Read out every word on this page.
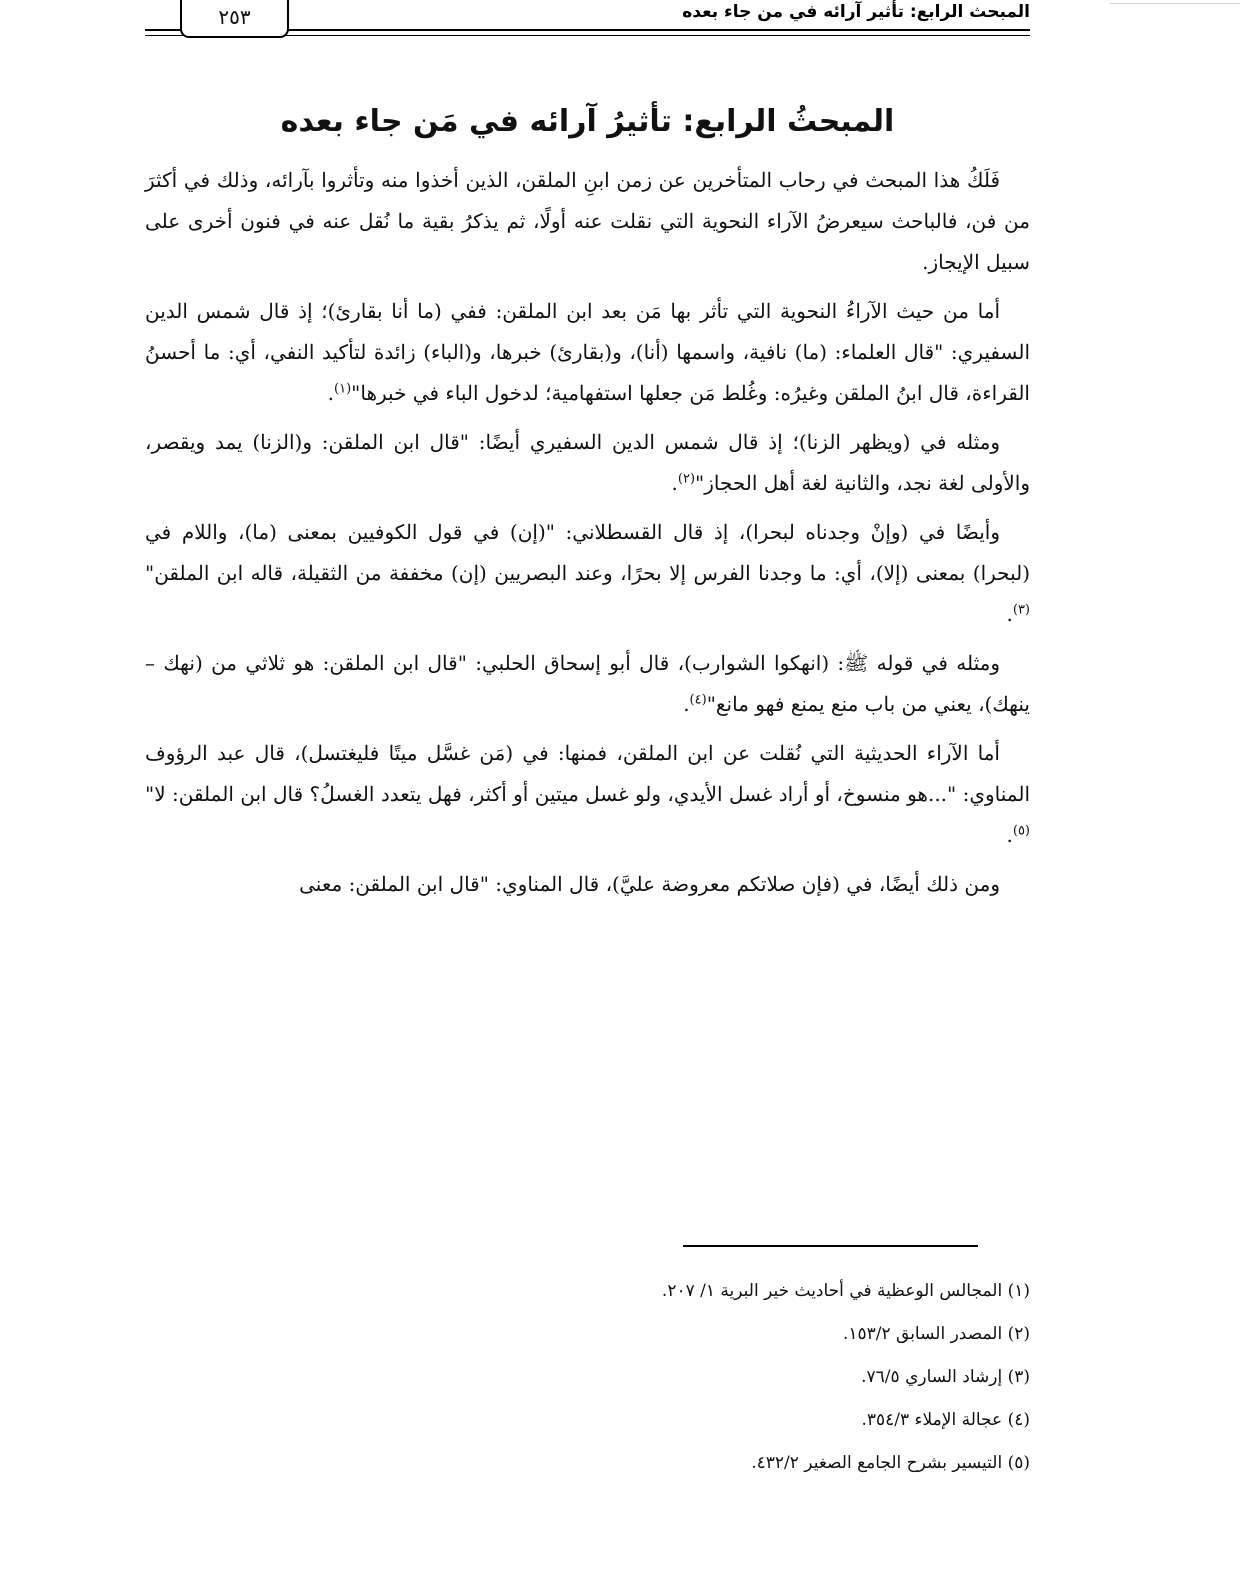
٢٥٣	المبحث الرابع: تأثير آرائه في من جاء بعده
المبحثُ الرابع: تأثيرُ آرائه في مَن جاء بعده

فَلَكُ هذا المبحث في رحاب المتأخرين عن زمن ابنِ الملقن، الذين أخذوا منه وتأثروا بآرائه، وذلك في أكثرَ من فن، فالباحث سيعرضُ الآراء النحوية التي نقلت عنه أولًا، ثم يذكرُ بقية ما نُقل عنه في فنون أخرى على سبيل الإيجاز.

أما من حيث الآراءُ النحوية التي تأثر بها مَن بعد ابن الملقن: ففي (ما أنا بقارئ)؛ إذ قال شمس الدين السفيري: "قال العلماء: (ما) نافية، واسمها (أنا)، و(بقارئ) خبرها، و(الباء) زائدة لتأكيد النفي، أي: ما أحسنُ القراءة، قال ابنُ الملقن وغيرُه: وغُلط مَن جعلها استفهامية؛ لدخول الباء في خبرها"$^{(١)}$.

ومثله في (ويظهر الزنا)؛ إذ قال شمس الدين السفيري أيضًا: "قال ابن الملقن: و(الزنا) يمد ويقصر، والأولى لغة نجد، والثانية لغة أهل الحجاز"$^{(٢)}$.

وأيضًا في (وإنْ وجدناه لبحرا)، إذ قال القسطلاني: "(إن) في قول الكوفيين بمعنى (ما)، واللام في (لبحرا) بمعنى (إلا)، أي: ما وجدنا الفرس إلا بحرًا، وعند البصريين (إن) مخففة من الثقيلة، قاله ابن الملقن"$^{(٣)}$.

ومثله في قوله ﷺ: (انهكوا الشوارب)، قال أبو إسحاق الحلبي: "قال ابن الملقن: هو ثلاثي من (نهك – ينهك)، يعني من باب منع يمنع فهو مانع"$^{(٤)}$.

أما الآراء الحديثية التي نُقلت عن ابن الملقن، فمنها: في (مَن غسَّل ميتًا فليغتسل)، قال عبد الرؤوف المناوي: "...هو منسوخ، أو أراد غسل الأيدي، ولو غسل ميتين أو أكثر، فهل يتعدد الغسلُ؟ قال ابن الملقن: لا"$^{(٥)}$.

ومن ذلك أيضًا، في (فإن صلاتكم معروضة عليَّ)، قال المناوي: "قال ابن الملقن: معنى

(١) المجالس الوعظية في أحاديث خير البرية ١/ ٢٠٧.
(٢) المصدر السابق ١٥٣/٢.
(٣) إرشاد الساري ٧٦/٥.
(٤) عجالة الإملاء ٣٥٤/٣.
(٥) التيسير بشرح الجامع الصغير ٤٣٢/٢.
